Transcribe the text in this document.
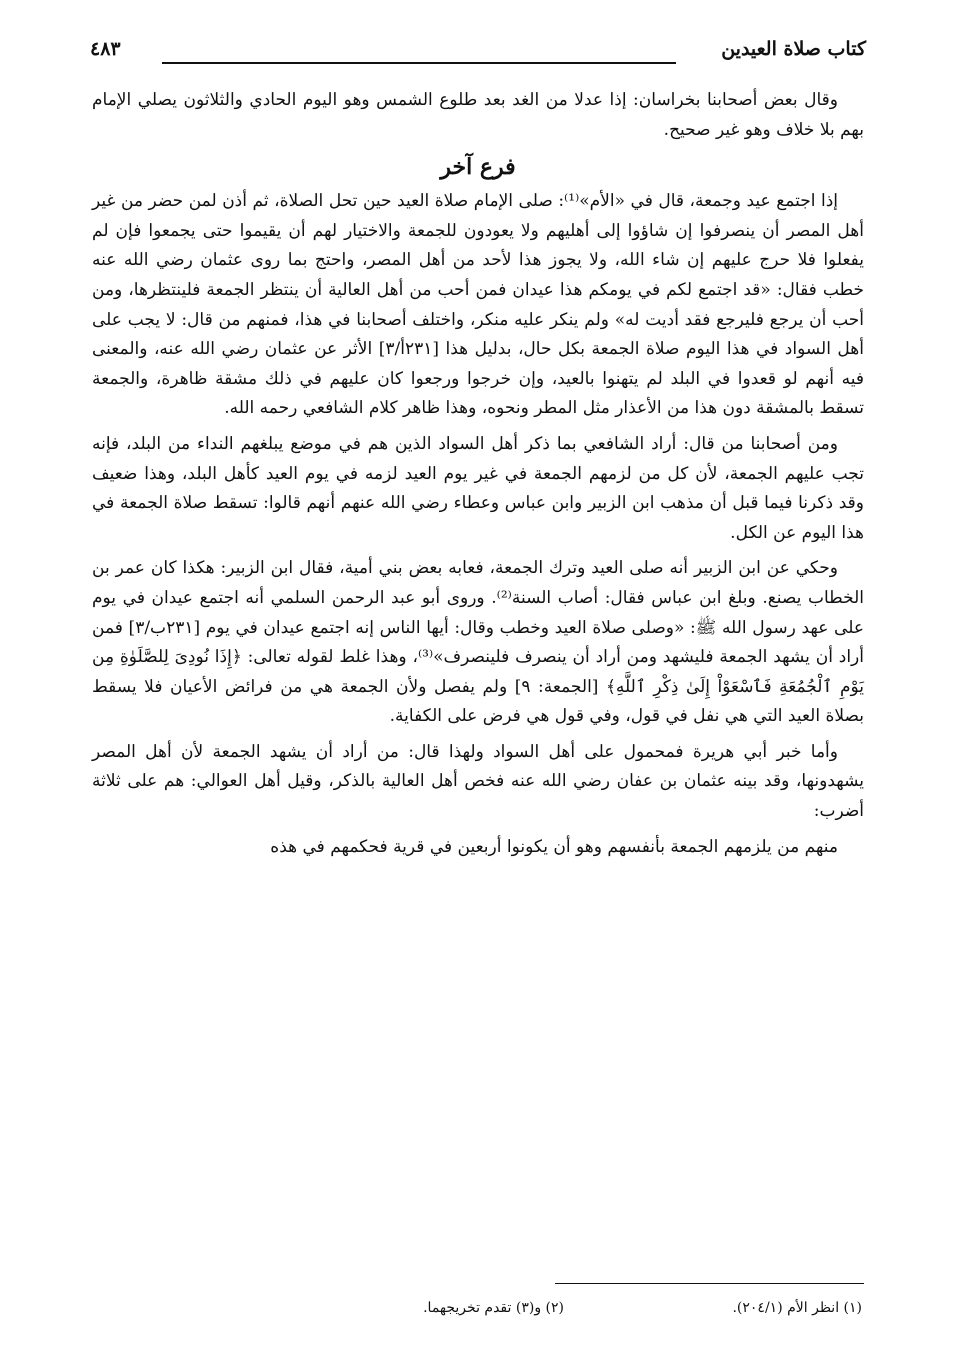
كتاب صلاة العيدين
٤٨٣

وقال بعض أصحابنا بخراسان: إذا عدلا من الغد بعد طلوع الشمس وهو اليوم الحادي والثلاثون يصلي الإمام بهم بلا خلاف وهو غير صحيح.

فرع آخر

إذا اجتمع عيد وجمعة، قال في «الأم»⁽¹⁾: صلى الإمام صلاة العيد حين تحل الصلاة، ثم أذن لمن حضر من غير أهل المصر أن ينصرفوا إن شاؤوا إلى أهليهم ولا يعودون للجمعة والاختيار لهم أن يقيموا حتى يجمعوا فإن لم يفعلوا فلا حرج عليهم إن شاء الله، ولا يجوز هذا لأحد من أهل المصر، واحتج بما روى عثمان رضي الله عنه خطب فقال: «قد اجتمع لكم في يومكم هذا عيدان فمن أحب من أهل العالية أن ينتظر الجمعة فلينتظرها، ومن أحب أن يرجع فليرجع فقد أديت له» ولم ينكر عليه منكر، واختلف أصحابنا في هذا، فمنهم من قال: لا يجب على أهل السواد في هذا اليوم صلاة الجمعة بكل حال، بدليل هذا [٢٣١أ/٣] الأثر عن عثمان رضي الله عنه، والمعنى فيه أنهم لو قعدوا في البلد لم يتهنوا بالعيد، وإن خرجوا ورجعوا كان عليهم في ذلك مشقة ظاهرة، والجمعة تسقط بالمشقة دون هذا من الأعذار مثل المطر ونحوه، وهذا ظاهر كلام الشافعي رحمه الله.

ومن أصحابنا من قال: أراد الشافعي بما ذكر أهل السواد الذين هم في موضع يبلغهم النداء من البلد، فإنه تجب عليهم الجمعة، لأن كل من لزمهم الجمعة في غير يوم العيد لزمه في يوم العيد كأهل البلد، وهذا ضعيف وقد ذكرنا فيما قبل أن مذهب ابن الزبير وابن عباس وعطاء رضي الله عنهم أنهم قالوا: تسقط صلاة الجمعة في هذا اليوم عن الكل.

وحكي عن ابن الزبير أنه صلى العيد وترك الجمعة، فعابه بعض بني أمية، فقال ابن الزبير: هكذا كان عمر بن الخطاب يصنع. وبلغ ابن عباس فقال: أصاب السنة⁽²⁾. وروى أبو عبد الرحمن السلمي أنه اجتمع عيدان في يوم على عهد رسول الله ﷺ: «وصلى صلاة العيد وخطب وقال: أيها الناس إنه اجتمع عيدان في يوم [٢٣١ب/٣] فمن أراد أن يشهد الجمعة فليشهد ومن أراد أن ينصرف فلينصرف»⁽³⁾، وهذا غلط لقوله تعالى: ﴿إِذَا نُودِىَ لِلصَّلَوٰةِ مِن يَوْمِ ٱلْجُمُعَةِ فَٱسْعَوْاْ إِلَىٰ ذِكْرِ ٱللَّهِ﴾ [الجمعة: ٩] ولم يفصل ولأن الجمعة هي من فرائض الأعيان فلا يسقط بصلاة العيد التي هي نفل في قول، وفي قول هي فرض على الكفاية.

وأما خبر أبي هريرة فمحمول على أهل السواد ولهذا قال: من أراد أن يشهد الجمعة لأن أهل المصر يشهدونها، وقد بينه عثمان بن عفان رضي الله عنه فخص أهل العالية بالذكر، وقيل أهل العوالي: هم على ثلاثة أضرب:

منهم من يلزمهم الجمعة بأنفسهم وهو أن يكونوا أربعين في قرية فحكمهم في هذه

(١) انظر الأم (٢٠٤/١).
(٢) و(٣) تقدم تخريجهما.
